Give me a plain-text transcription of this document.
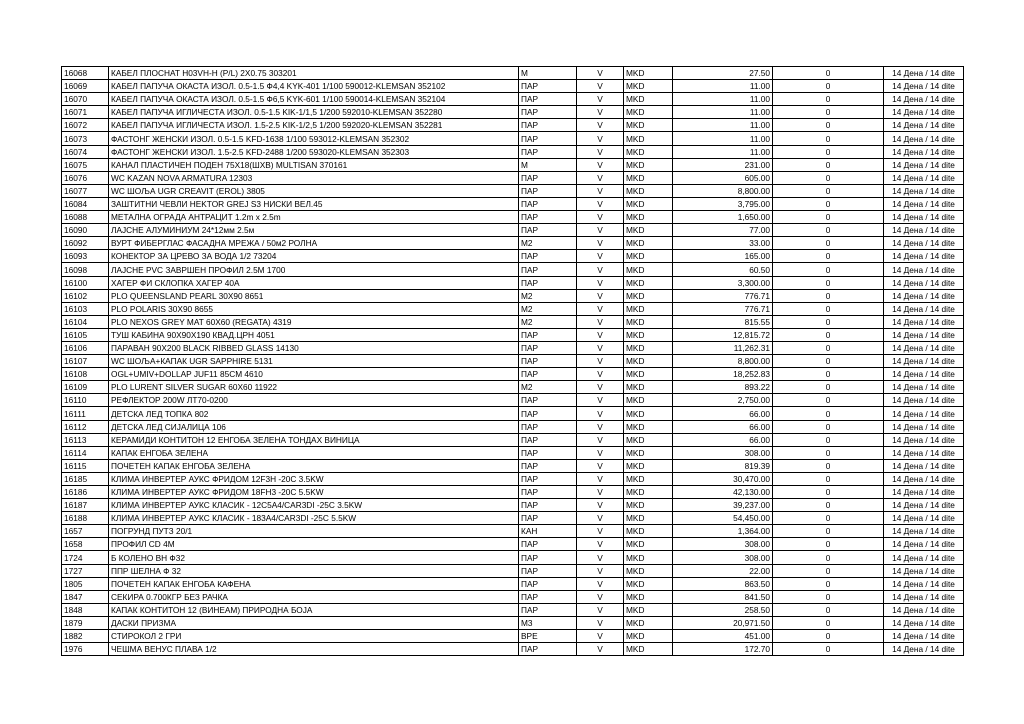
16068	КАБЕЛ ПЛОСНАТ H03VH-H (P/L) 2X0.75 303201	М	V	MKD	27.50	0	14 Дена / 14 dite
16069	КАБЕЛ ПАПУЧА ОКАСТА ИЗОЛ. 0.5-1.5 Ф4,4 KYK-401 1/100 590012-KLEMSAN 352102	ПАР	V	MKD	11.00	0	14 Дена / 14 dite
16070	КАБЕЛ ПАПУЧА ОКАСТА ИЗОЛ. 0.5-1.5 Ф6,5 KYK-601 1/100 590014-KLEMSAN 352104	ПАР	V	MKD	11.00	0	14 Дена / 14 dite
16071	КАБЕЛ ПАПУЧА ИГЛИЧЕСТА ИЗОЛ. 0.5-1.5 KIK-1/1,5 1/200 592010-KLEMSAN 352280	ПАР	V	MKD	11.00	0	14 Дена / 14 dite
16072	КАБЕЛ ПАПУЧА ИГЛИЧЕСТА ИЗОЛ. 1.5-2.5 KIK-1/2,5 1/200 592020-KLEMSAN 352281	ПАР	V	MKD	11.00	0	14 Дена / 14 dite
16073	ФАСТОНГ ЖЕНСКИ ИЗОЛ. 0.5-1.5 KFD-1638 1/100 593012-KLEMSAN 352302	ПАР	V	MKD	11.00	0	14 Дена / 14 dite
16074	ФАСТОНГ ЖЕНСКИ ИЗОЛ. 1.5-2.5 KFD-2488 1/200 593020-KLEMSAN 352303	ПАР	V	MKD	11.00	0	14 Дена / 14 dite
16075	КАНАЛ ПЛАСТИЧЕН ПОДЕН 75Х18(ШХВ) MULTISAN 370161	М	V	MKD	231.00	0	14 Дена / 14 dite
16076	WC KAZAN NOVA ARMATURA 12303	ПАР	V	MKD	605.00	0	14 Дена / 14 dite
16077	WC ШОЉА UGR CREAVIT (EROL) 3805	ПАР	V	MKD	8,800.00	0	14 Дена / 14 dite
16084	ЗАШТИТНИ ЧЕВЛИ HEKTOR GREJ S3 НИСКИ ВЕЛ.45	ПАР	V	MKD	3,795.00	0	14 Дена / 14 dite
16088	МЕТАЛНА ОГРАДА АНТРАЦИТ 1.2m x 2.5m	ПАР	V	MKD	1,650.00	0	14 Дена / 14 dite
16090	ЛАЈСНЕ АЛУМИНИУМ 24*12мм 2.5м	ПАР	V	MKD	77.00	0	14 Дена / 14 dite
16092	ВУРТ ФИБЕРГЛАС ФАСАДНА МРЕЖА / 50м2 РОЛНА	М2	V	MKD	33.00	0	14 Дена / 14 dite
16093	КОНЕКТОР ЗА ЦРЕВО ЗА ВОДА 1/2 73204	ПАР	V	MKD	165.00	0	14 Дена / 14 dite
16098	ЛАЈСНЕ PVC ЗАВРШЕН ПРОФИЛ 2.5М 1700	ПАР	V	MKD	60.50	0	14 Дена / 14 dite
16100	ХАГЕР ФИ СКЛОПКА ХАГЕР 40А	ПАР	V	MKD	3,300.00	0	14 Дена / 14 dite
16102	PLO QUEENSLAND PEARL 30X90 8651	М2	V	MKD	776.71	0	14 Дена / 14 dite
16103	PLO POLARIS 30X90 8655	М2	V	MKD	776.71	0	14 Дена / 14 dite
16104	PLO NEXOS GREY MAT 60X60 (REGATA) 4319	М2	V	MKD	815.55	0	14 Дена / 14 dite
16105	ТУШ КАБИНА 90X90X190 КВАД.ЦРН 4051	ПАР	V	MKD	12,815.72	0	14 Дена / 14 dite
16106	ПАРАВАН 90X200 BLACK RIBBED GLASS 14130	ПАР	V	MKD	11,262.31	0	14 Дена / 14 dite
16107	WC ШОЉА+КАПАК UGR SAPPHIRE 5131	ПАР	V	MKD	8,800.00	0	14 Дена / 14 dite
16108	OGL+UMIV+DOLLAP JUF11 85CM 4610	ПАР	V	MKD	18,252.83	0	14 Дена / 14 dite
16109	PLO LURENT SILVER SUGAR 60X60 11922	М2	V	MKD	893.22	0	14 Дена / 14 dite
16110	РЕФЛЕКТОР 200W ЛТ70-0200	ПАР	V	MKD	2,750.00	0	14 Дена / 14 dite
16111	ДЕТСКА ЛЕД ТОПКА 802	ПАР	V	MKD	66.00	0	14 Дена / 14 dite
16112	ДЕТСКА ЛЕД СИЈАЛИЦА 106	ПАР	V	MKD	66.00	0	14 Дена / 14 dite
16113	КЕРАМИДИ КОНТИТОН 12 ЕНГОБА ЗЕЛЕНА ТОНДАХ ВИНИЦА	ПАР	V	MKD	66.00	0	14 Дена / 14 dite
16114	КАПАК ЕНГОБА ЗЕЛЕНА	ПАР	V	MKD	308.00	0	14 Дена / 14 dite
16115	ПОЧЕТЕН КАПАК ЕНГОБА ЗЕЛЕНА	ПАР	V	MKD	819.39	0	14 Дена / 14 dite
16185	КЛИМА ИНВЕРТЕР АУКС ФРИДОМ 12F3H -20C 3.5KW	ПАР	V	MKD	30,470.00	0	14 Дена / 14 dite
16186	КЛИМА ИНВЕРТЕР АУКС ФРИДОМ 18FH3 -20C 5.5KW	ПАР	V	MKD	42,130.00	0	14 Дена / 14 dite
16187	КЛИМА ИНВЕРТЕР АУКС КЛАСИК - 12C5A4/CAR3DI -25C 3.5KW	ПАР	V	MKD	39,237.00	0	14 Дена / 14 dite
16188	КЛИМА ИНВЕРТЕР АУКС КЛАСИК - 183A4/CAR3DI -25C 5.5KW	ПАР	V	MKD	54,450.00	0	14 Дена / 14 dite
1657	ПОГРУНД ПУТЗ 20/1	КАН	V	MKD	1,364.00	0	14 Дена / 14 dite
1658	ПРОФИЛ CD 4М	ПАР	V	MKD	308.00	0	14 Дена / 14 dite
1724	Б КОЛЕНО ВН Ф32	ПАР	V	MKD	308.00	0	14 Дена / 14 dite
1727	ППР ШЕЛНА Ф 32	ПАР	V	MKD	22.00	0	14 Дена / 14 dite
1805	ПОЧЕТЕН КАПАК ЕНГОБА КАФЕНА	ПАР	V	MKD	863.50	0	14 Дена / 14 dite
1847	СЕКИРА 0.700КГР БЕЗ РАЧКА	ПАР	V	MKD	841.50	0	14 Дена / 14 dite
1848	КАПАК КОНТИТОН 12 (ВИНЕАМ) ПРИРОДНА БОЈА	ПАР	V	MKD	258.50	0	14 Дена / 14 dite
1879	ДАСКИ ПРИЗМА	М3	V	MKD	20,971.50	0	14 Дена / 14 dite
1882	СТИРОКОЛ 2 ГРИ	ВРЕ	V	MKD	451.00	0	14 Дена / 14 dite
1976	ЧЕШМА ВЕНУС ПЛАВА 1/2	ПАР	V	MKD	172.70	0	14 Дена / 14 dite
